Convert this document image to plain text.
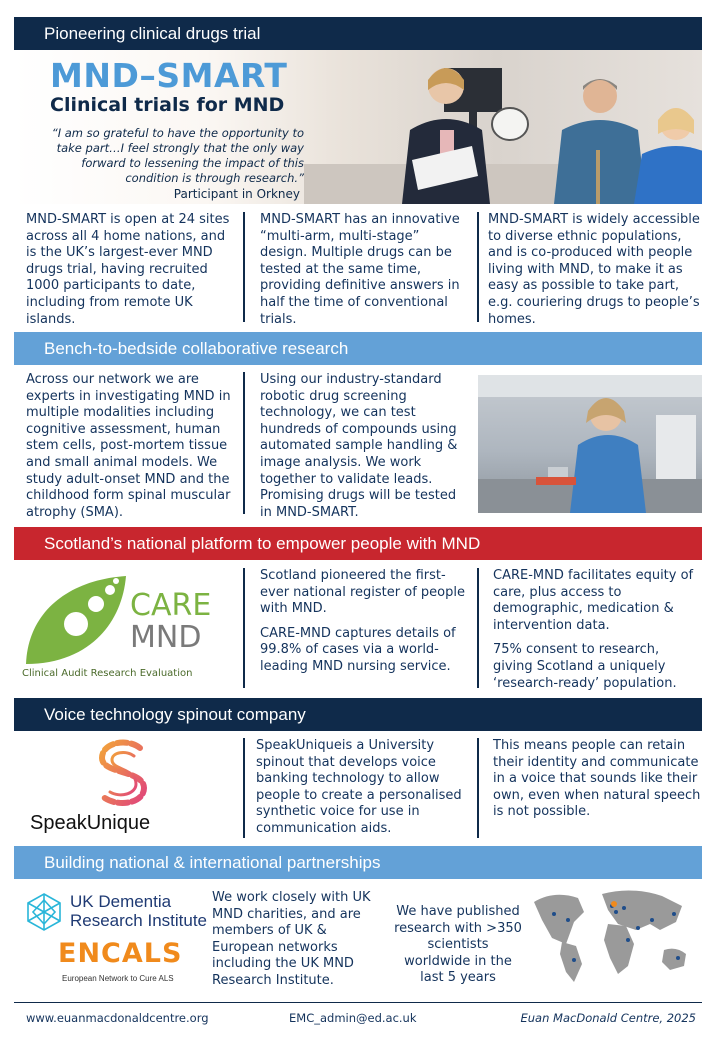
Pioneering clinical drugs trial
MND–SMART
Clinical trials for MND
“I am so grateful to have the opportunity to take part…I feel strongly that the only way forward to lessening the impact of this condition is through research.”
Participant in Orkney
MND-SMART is open at 24 sites across all 4 home nations, and is the UK’s largest-ever MND drugs trial, having recruited 1000 participants to date, including from remote UK islands.
MND-SMART has an innovative “multi-arm, multi-stage” design. Multiple drugs can be tested at the same time, providing definitive answers in half the time of conventional trials.
MND-SMART is widely accessible to diverse ethnic populations, and is co-produced with people living with MND, to make it as easy as possible to take part, e.g. couriering drugs to people’s homes.
Bench-to-bedside collaborative research
Across our network we are experts in investigating MND in multiple modalities including cognitive assessment, human stem cells, post-mortem tissue and small animal models. We study adult-onset MND and the childhood form spinal muscular atrophy (SMA).
Using our industry-standard robotic drug screening technology, we can test hundreds of compounds using automated sample handling & image analysis. We work together to validate leads. Promising drugs will be tested in MND-SMART.
Scotland’s national platform to empower people with MND
CARE
MND
Clinical Audit Research Evaluation

Scotland pioneered the first-ever national register of people with MND.

CARE-MND captures details of 99.8% of cases via a world-leading MND nursing service.

CARE-MND facilitates equity of care, plus access to demographic, medication & intervention data.

75% consent to research, giving Scotland a uniquely ‘research-ready’ population.

Voice technology spinout company
SpeakUnique
SpeakUniqueis a University spinout that develops voice banking technology to allow people to create a personalised synthetic voice for use in communication aids.
This means people can retain their identity and communicate in a voice that sounds like their own, even when natural speech is not possible.
Building national & international partnerships
UK Dementia
Research Institute
ENCALS
European Network to Cure ALS
We work closely with UK MND charities, and are members of UK & European networks including the UK MND Research Institute.
We have published research with >350 scientists worldwide in the last 5 years
www.euanmacdonaldcentre.org	EMC_admin@ed.ac.uk	Euan MacDonald Centre, 2025
